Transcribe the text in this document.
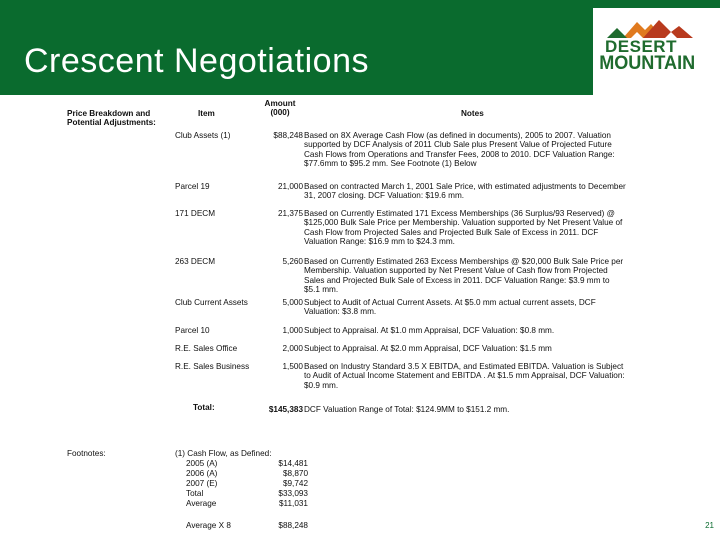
Crescent Negotiations	DESERT
MOUNTAIN
Price Breakdown and
Potential Adjustments:
Item
Amount
(000)	Notes
Club Assets (1)	$88,248 Based on 8X Average Cash Flow (as defined in documents), 2005 to 2007. Valuation
supported by DCF Analysis of 2011 Club Sale plus Present Value of Projected Future
Cash Flows from Operations and Transfer Fees, 2008 to 2010. DCF Valuation Range:
$77.6mm to $95.2 mm. See Footnote (1) Below
Parcel 19	21,000 Based on contracted March 1, 2001 Sale Price, with estimated adjustments to December
31, 2007 closing. DCF Valuation: $19.6 mm.
171 DECM	21,375 Based on Currently Estimated 171 Excess Memberships (36 Surplus/93 Reserved) @
$125,000 Bulk Sale Price per Membership. Valuation supported by Net Present Value of
Cash Flow from Projected Sales and Projected Bulk Sale of Excess in 2011. DCF
Valuation Range: $16.9 mm to $24.3 mm.
263 DECM	5,260 Based on Currently Estimated 263 Excess Memberships @ $20,000 Bulk Sale Price per
Membership. Valuation supported by Net Present Value of Cash flow from Projected
Sales and Projected Bulk Sale of Excess in 2011. DCF Valuation Range: $3.9 mm to
$5.1 mm.
Club Current Assets	5,000 Subject to Audit of Actual Current Assets. At $5.0 mm actual current assets, DCF
Valuation: $3.8 mm.
Parcel 10	1,000 Subject to Appraisal. At $1.0 mm Appraisal, DCF Valuation: $0.8 mm.
R.E. Sales Office	2,000 Subject to Appraisal. At $2.0 mm Appraisal, DCF Valuation: $1.5 mm
R.E. Sales Business	1,500 Based on Industry Standard 3.5 X EBITDA, and Estimated EBITDA. Valuation is Subject
to Audit of Actual Income Statement and EBITDA . At $1.5 mm Appraisal, DCF Valuation:
$0.9 mm.
Total:	$145,383 DCF Valuation Range of Total: $124.9MM to $151.2 mm.
Footnotes:	(1) Cash Flow, as Defined:
2005 (A)	$14,481
2006 (A)	$8,870
2007 (E)	$9,742
Total	$33,093
Average	$11,031
Average X 8	$88,248	21
